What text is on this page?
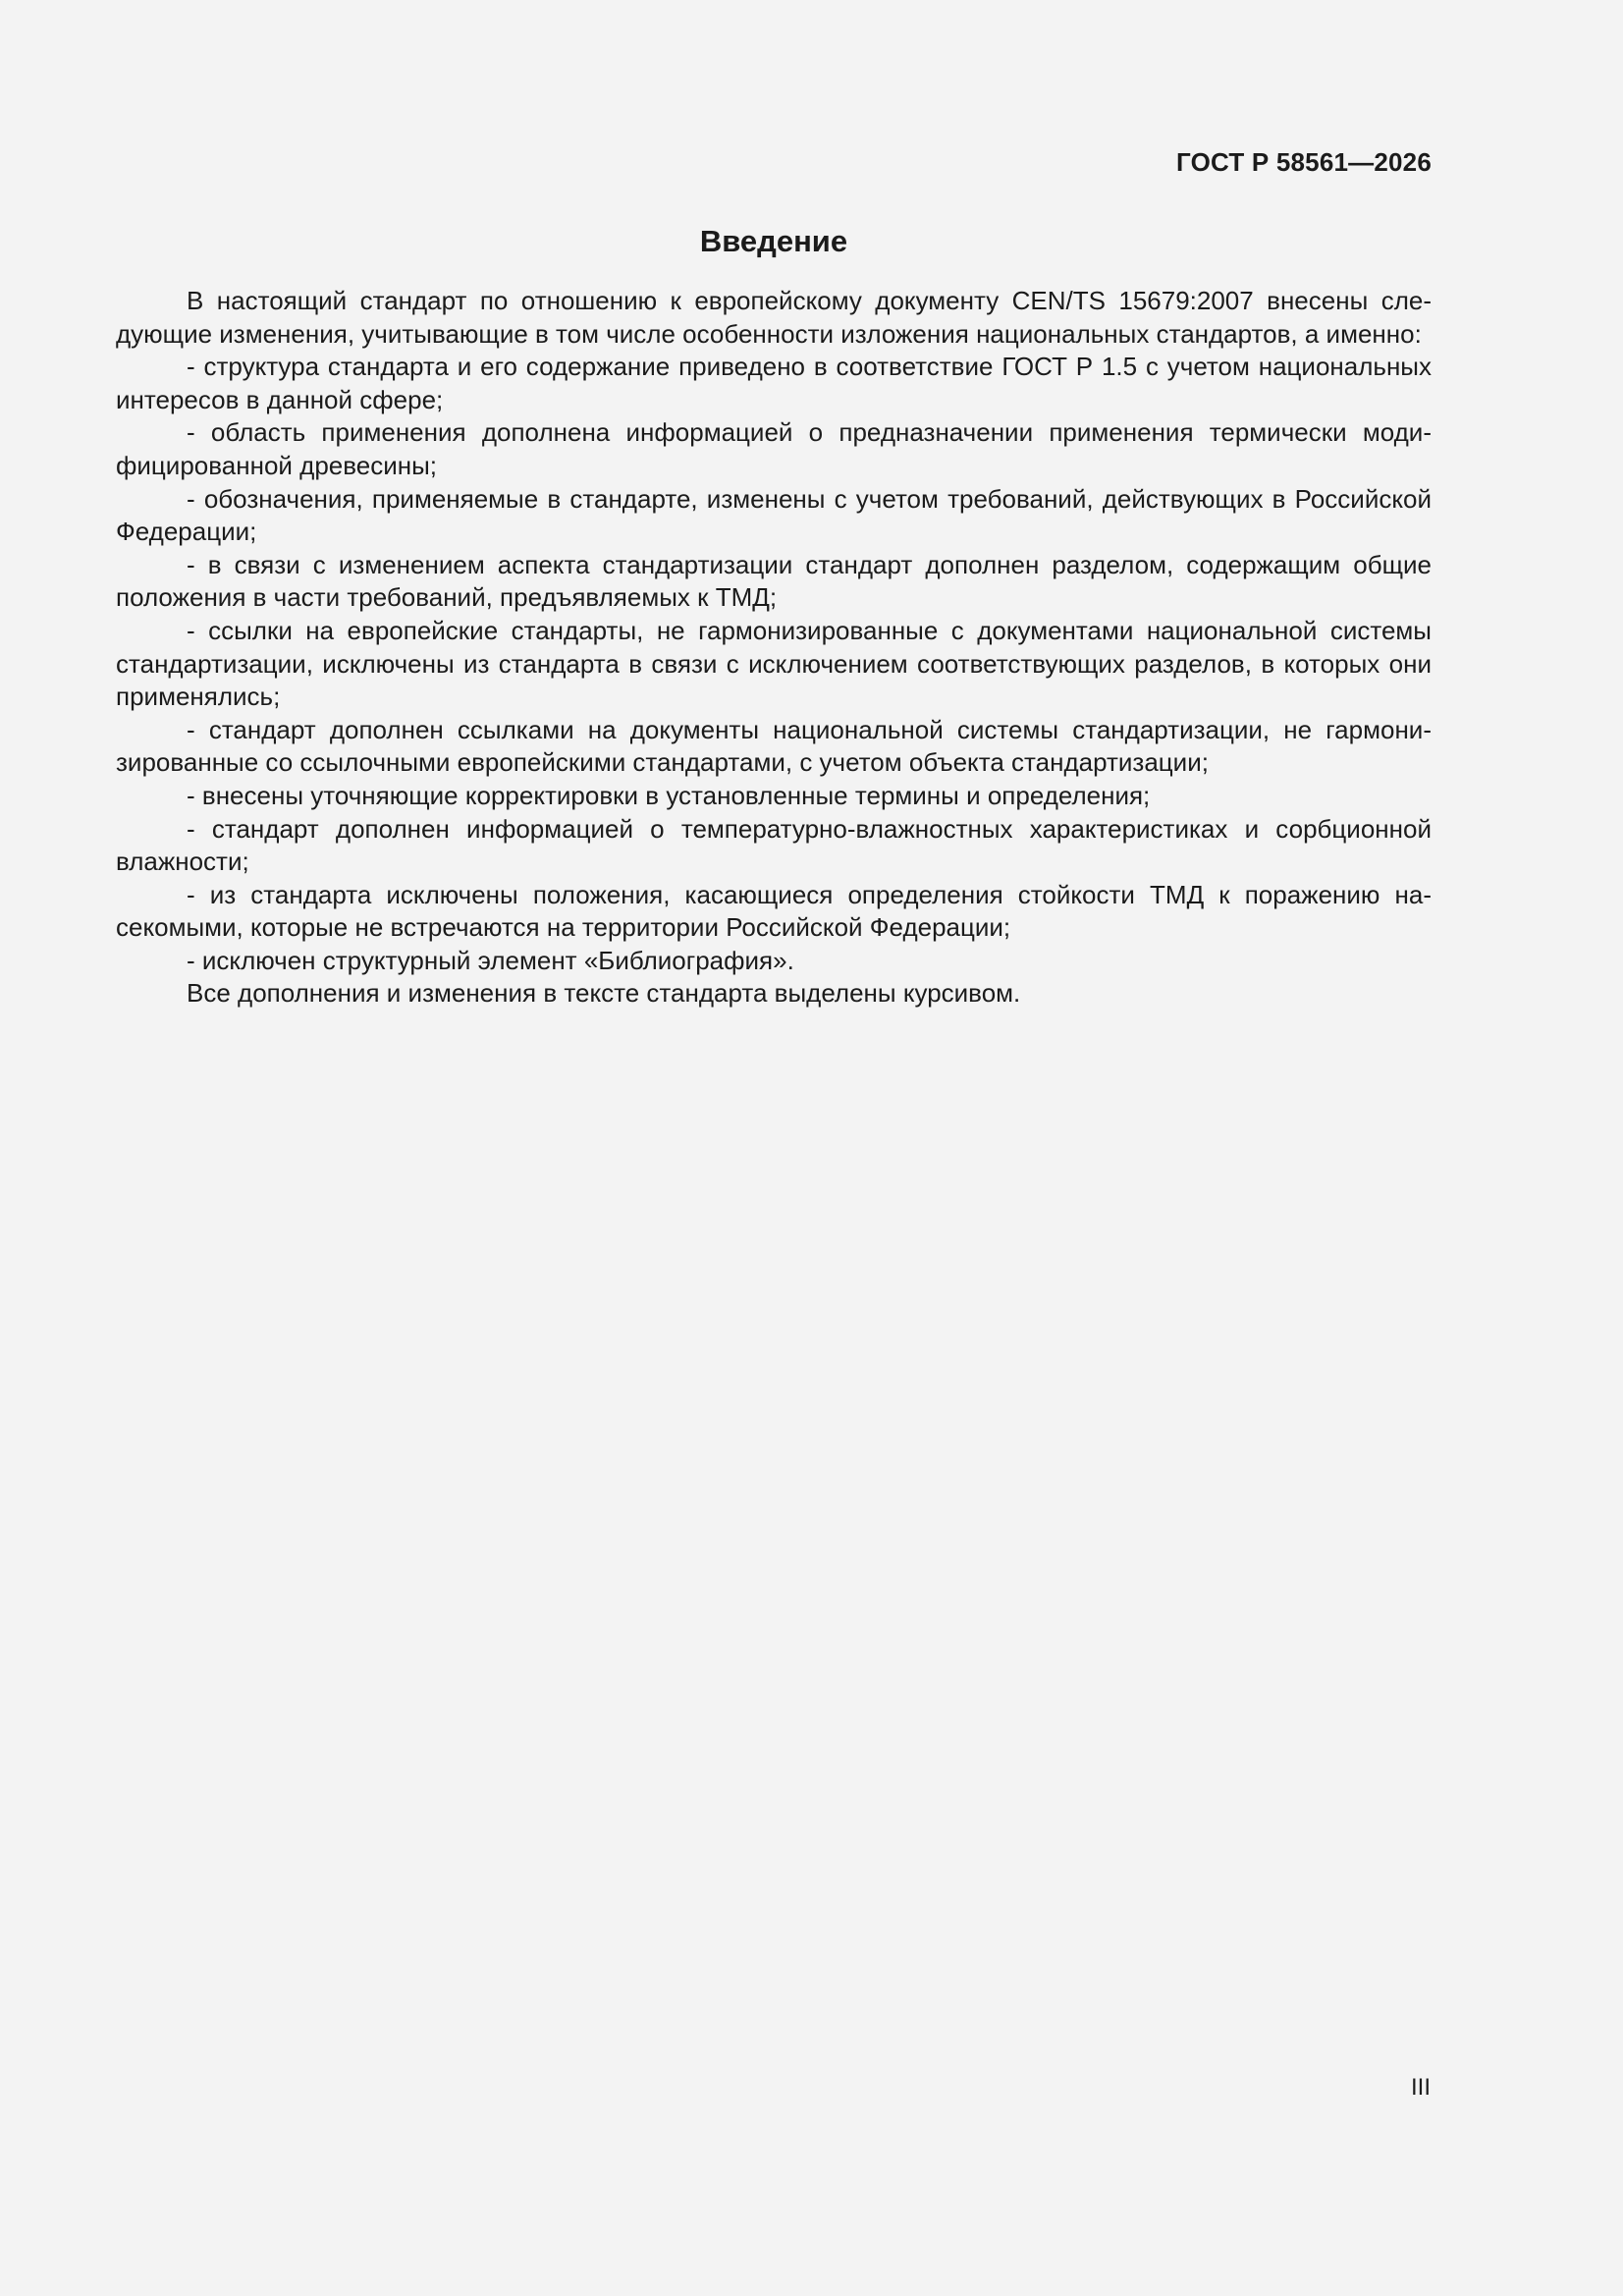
ГОСТ Р 58561—2026
Введение

В настоящий стандарт по отношению к европейскому документу CEN/TS 15679:2007 внесены следующие изменения, учитывающие в том числе особенности изложения национальных стандартов, а именно:

- структура стандарта и его содержание приведено в соответствие ГОСТ Р 1.5 с учетом национальных интересов в данной сфере;

- область применения дополнена информацией о предназначении применения термически модифицированной древесины;

- обозначения, применяемые в стандарте, изменены с учетом требований, действующих в Российской Федерации;

- в связи с изменением аспекта стандартизации стандарт дополнен разделом, содержащим общие положения в части требований, предъявляемых к ТМД;

- ссылки на европейские стандарты, не гармонизированные с документами национальной системы стандартизации, исключены из стандарта в связи с исключением соответствующих разделов, в которых они применялись;

- стандарт дополнен ссылками на документы национальной системы стандартизации, не гармонизированные со ссылочными европейскими стандартами, с учетом объекта стандартизации;

- внесены уточняющие корректировки в установленные термины и определения;

- стандарт дополнен информацией о температурно-влажностных характеристиках и сорбционной влажности;

- из стандарта исключены положения, касающиеся определения стойкости ТМД к поражению насекомыми, которые не встречаются на территории Российской Федерации;

- исключен структурный элемент «Библиография».

Все дополнения и изменения в тексте стандарта выделены курсивом.

III
